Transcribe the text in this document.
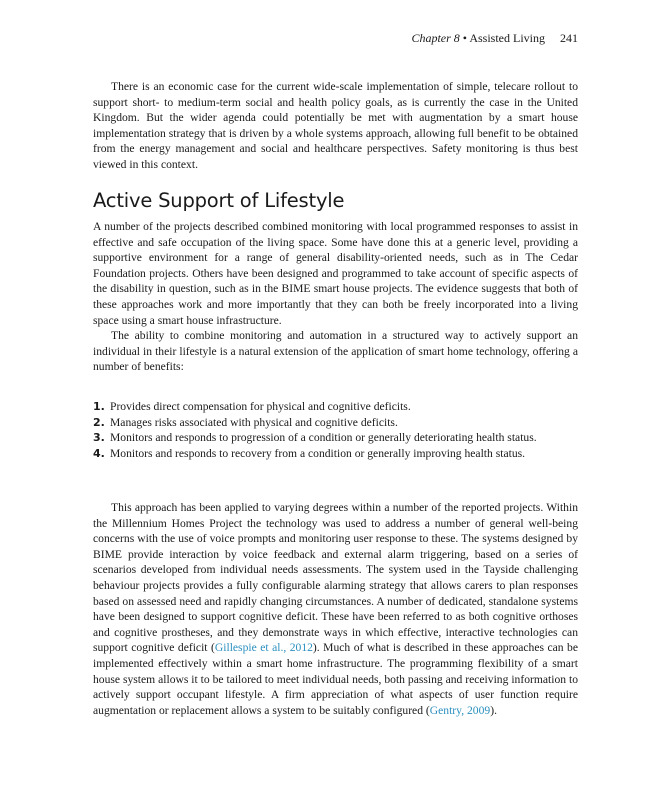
Chapter 8 • Assisted Living 241

There is an economic case for the current wide-scale implementation of simple, telecare rollout to support short- to medium-term social and health policy goals, as is currently the case in the United Kingdom. But the wider agenda could potentially be met with augmentation by a smart house implementation strategy that is driven by a whole systems approach, allowing full benefit to be obtained from the energy management and social and healthcare perspectives. Safety monitoring is thus best viewed in this context.

Active Support of Lifestyle

A number of the projects described combined monitoring with local programmed responses to assist in effective and safe occupation of the living space. Some have done this at a generic level, providing a supportive environment for a range of general disability-oriented needs, such as in The Cedar Foundation projects. Others have been designed and programmed to take account of specific aspects of the disability in question, such as in the BIME smart house projects. The evidence suggests that both of these approaches work and more importantly that they can both be freely incorporated into a living space using a smart house infrastructure.

The ability to combine monitoring and automation in a structured way to actively support an individual in their lifestyle is a natural extension of the application of smart home technology, offering a number of benefits:

1. Provides direct compensation for physical and cognitive deficits.
2. Manages risks associated with physical and cognitive deficits.
3. Monitors and responds to progression of a condition or generally deteriorating health status.
4. Monitors and responds to recovery from a condition or generally improving health status.

This approach has been applied to varying degrees within a number of the reported projects. Within the Millennium Homes Project the technology was used to address a number of general well-being concerns with the use of voice prompts and monitoring user response to these. The systems designed by BIME provide interaction by voice feedback and external alarm triggering, based on a series of scenarios developed from individual needs assessments. The system used in the Tayside challenging behaviour projects provides a fully configurable alarming strategy that allows carers to plan responses based on assessed need and rapidly changing circumstances. A number of dedicated, standalone systems have been designed to support cognitive deficit. These have been referred to as both cognitive orthoses and cognitive prostheses, and they demonstrate ways in which effective, interactive technologies can support cognitive deficit (Gillespie et al., 2012). Much of what is described in these approaches can be implemented effectively within a smart home infrastructure. The programming flexibility of a smart house system allows it to be tailored to meet individual needs, both passing and receiving information to actively support occupant lifestyle. A firm appreciation of what aspects of user function require augmentation or replacement allows a system to be suitably configured (Gentry, 2009).
